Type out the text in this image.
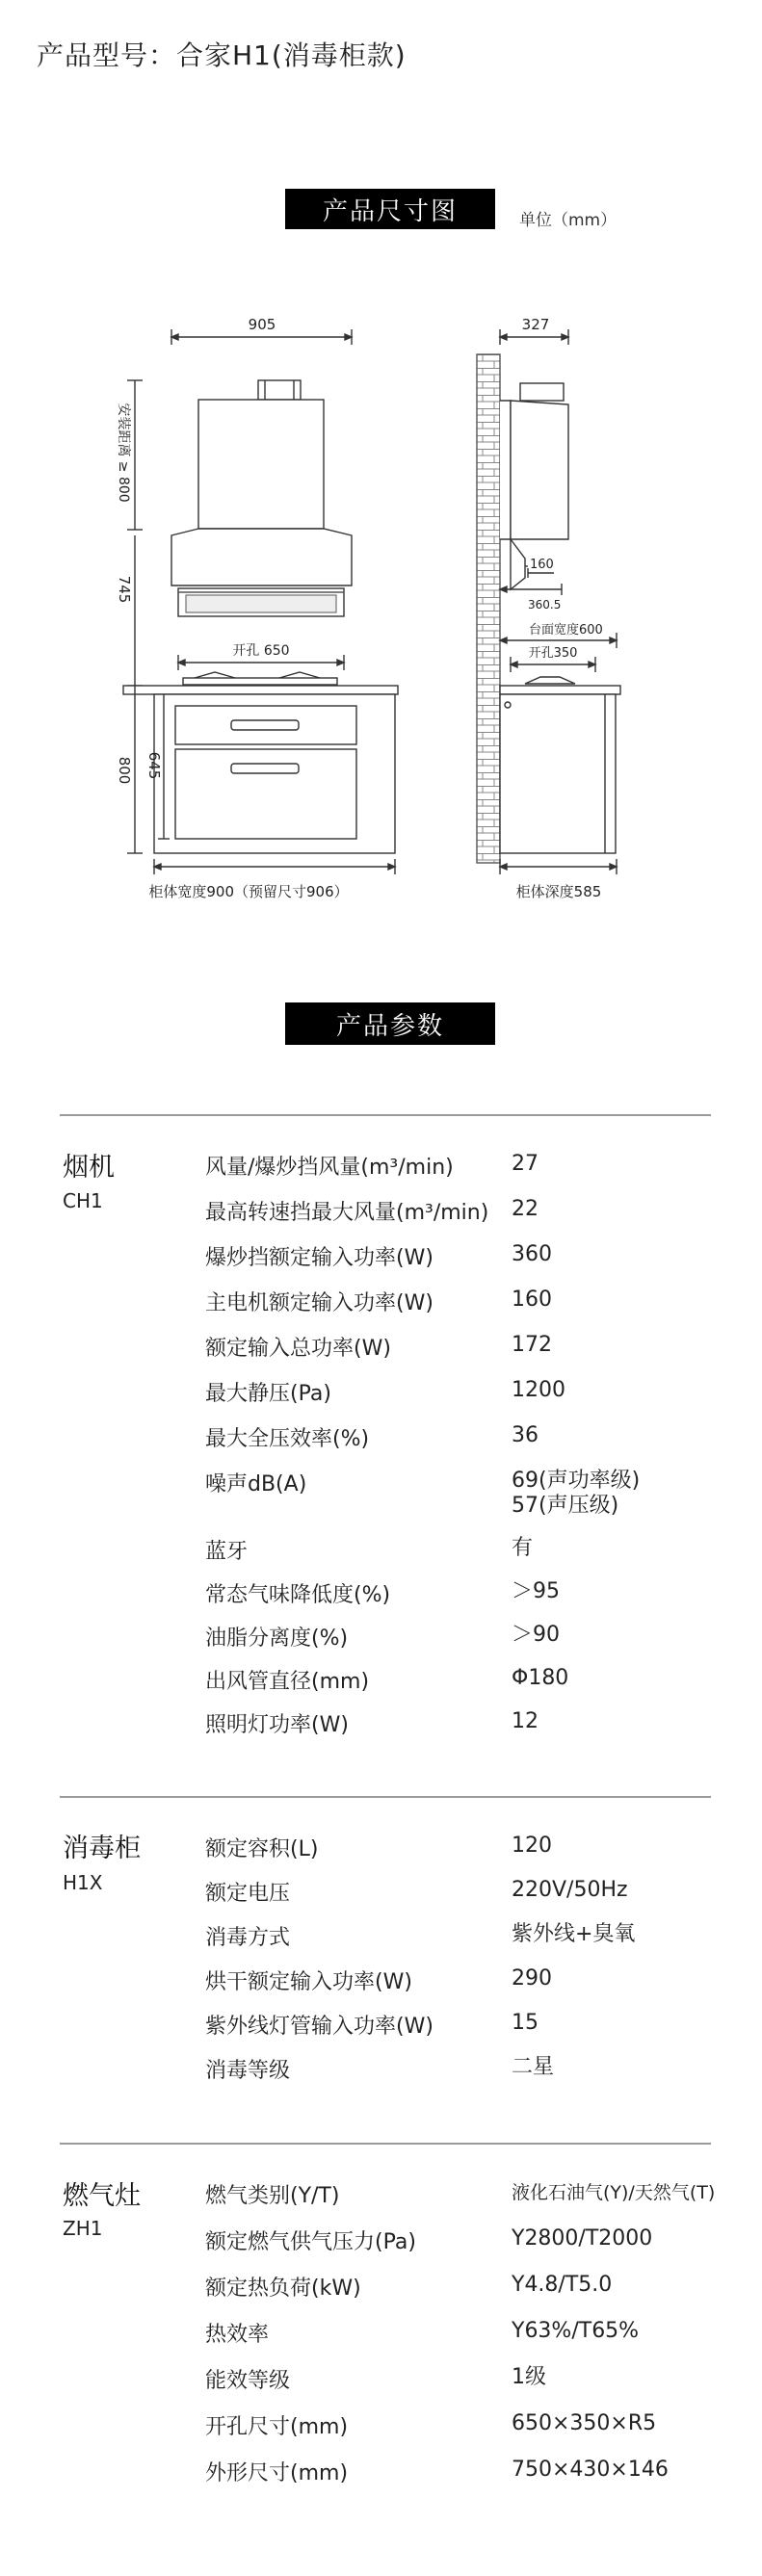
产品型号：合家H1(消毒柜款)
产品尺寸图	单位（mm）
905
安装距离 ≥ 800
745
开孔 650
800 645
柜体宽度900（预留尺寸906）
327
160
360.5
台面宽度600
开孔350
柜体深度585
产品参数
烟机
CH1
风量/爆炒挡风量(m³/min)	27
最高转速挡最大风量(m³/min) 22
爆炒挡额定输入功率(W)	360
主电机额定输入功率(W)	160
额定输入总功率(W)	172
最大静压(Pa)	1200
最大全压效率(%)	36
噪声dB(A)	69(声功率级)
57(声压级)
蓝牙	有
常态气味降低度(%)	＞95
油脂分离度(%)	＞90
出风管直径(mm)	Φ180
照明灯功率(W)	12
消毒柜
H1X
额定容积(L)	120
额定电压	220V/50Hz
消毒方式	紫外线+臭氧
烘干额定输入功率(W)	290
紫外线灯管输入功率(W)	15
消毒等级	二星
燃气灶
ZH1
燃气类别(Y/T)	液化石油气(Y)/天然气(T)
额定燃气供气压力(Pa)	Y2800/T2000
额定热负荷(kW)	Y4.8/T5.0
热效率	Y63%/T65%
能效等级	1级
开孔尺寸(mm)	650×350×R5
外形尺寸(mm)	750×430×146
